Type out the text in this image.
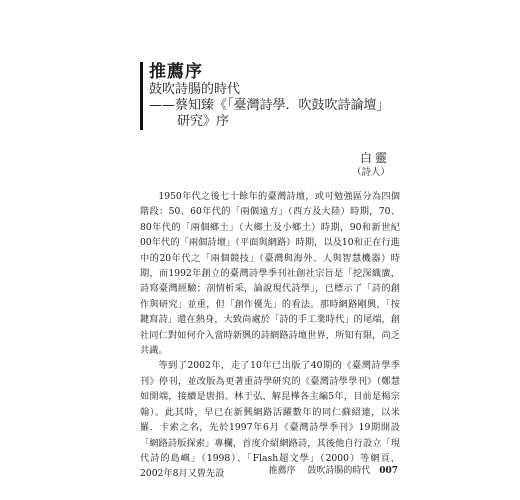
推薦序
鼓吹詩腸的時代
——蔡知臻《「臺灣詩學．吹鼓吹詩論壇」
研究》序
白靈
（詩人）

1950年代之後七十餘年的臺灣詩壇，或可勉強區分為四個階段：50、60年代的「兩個遠方」（西方及大陸）時期，70、80年代的「兩個鄉土」（大鄉土及小鄉土）時期，90和新世紀00年代的「兩個詩壇」（平面與網路）時期，以及10和正在行進中的20年代之「兩個競技」（臺灣與海外、人與智慧機器）時期，而1992年創立的臺灣詩學季刊社創社宗旨是「挖深織廣，詩寫臺灣經驗；剖情析采，論說現代詩學」，已標示了「詩的創作與研究」並重，但「創作優先」的看法。那時網路剛興，「按鍵寫詩」還在熱身，大致尚處於「詩的手工業時代」的尾端，創社同仁對如何介入當時新興的詩網路詩壇世界，所知有限，尚乏共識。

等到了2002年，走了10年已出版了40期的《臺灣詩學季刊》停刊，並改版為更著重詩學研究的《臺灣詩學學刊》（鄭慧如開端，接續是唐捐、林于弘、解昆樺各主編5年，目前是楊宗翰）。此其時，早已在新興網路活躍數年的同仁蘇紹連，以米羅．卡索之名，先於1997年6月《臺灣詩學季刊》19期開設「網路詩版探索」專欄，首度介紹網路詩，其後他自行設立「現代詩的島嶼」（1998）、「Flash超文學」（2000）等網頁，2002年8月又曾先設	推薦序 鼓吹詩腸的時代 007
